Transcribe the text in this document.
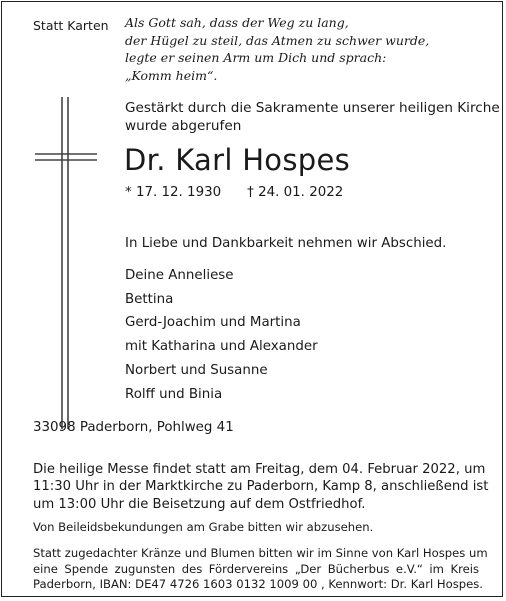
Statt Karten Als Gott sah, dass der Weg zu lang,
der Hügel zu steil, das Atmen zu schwer wurde,
legte er seinen Arm um Dich und sprach:
„Komm heim“.
Gestärkt durch die Sakramente unserer heiligen Kirche
wurde abgerufen
Dr. Karl Hospes
* 17. 12. 1930 † 24. 01. 2022
In Liebe und Dankbarkeit nehmen wir Abschied.
Deine Anneliese
Bettina
Gerd-Joachim und Martina
mit Katharina und Alexander
Norbert und Susanne
Rolff und Binia
33098 Paderborn, Pohlweg 41
Die heilige Messe findet statt am Freitag, dem 04. Februar 2022, um
11:30 Uhr in der Marktkirche zu Paderborn, Kamp 8, anschließend ist
um 13:00 Uhr die Beisetzung auf dem Ostfriedhof.
Von Beileidsbekundungen am Grabe bitten wir abzusehen.
Statt zugedachter Kränze und Blumen bitten wir im Sinne von Karl Hospes um
eine Spende zugunsten des Fördervereins „Der Bücherbus e.V.“ im Kreis
Paderborn, IBAN: DE47 4726 1603 0132 1009 00 , Kennwort: Dr. Karl Hospes.
